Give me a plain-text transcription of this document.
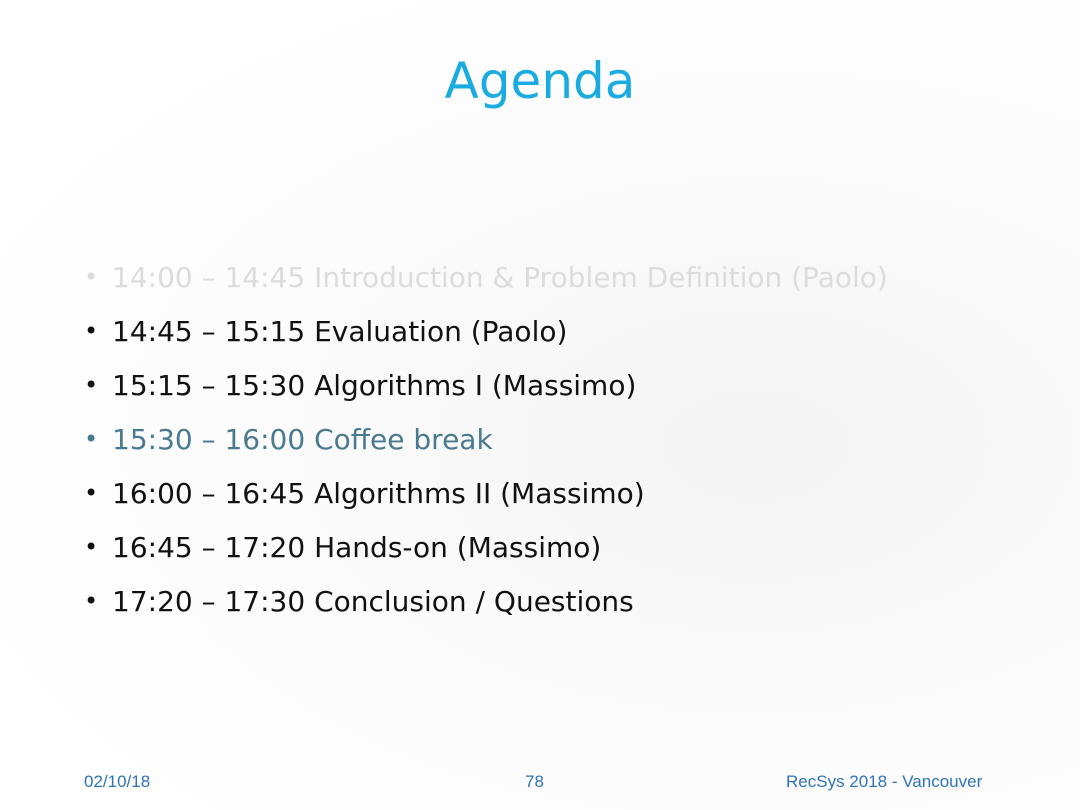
Agenda
• 14:00 – 14:45 Introduction & Problem Definition (Paolo)
• 14:45 – 15:15 Evaluation (Paolo)
• 15:15 – 15:30 Algorithms I (Massimo)
• 15:30 – 16:00 Coffee break
• 16:00 – 16:45 Algorithms II (Massimo)
• 16:45 – 17:20 Hands-on (Massimo)
• 17:20 – 17:30 Conclusion / Questions
02/10/18	78	RecSys 2018 - Vancouver
